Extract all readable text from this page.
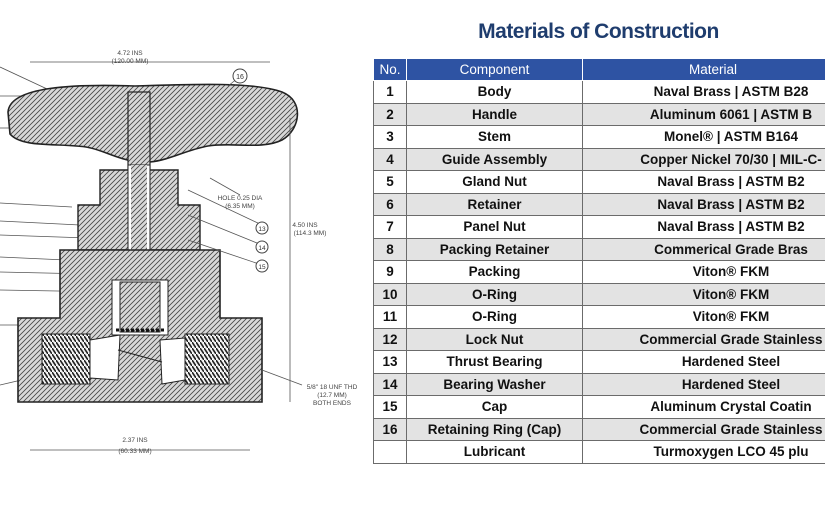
16
13
14
15
4.72 INS
(120.00 MM)
HOLE 0.25 DIA
(6.35 MM)
4.50 INS
(114.3 MM)
2.37 INS
(60.33 MM)
5/8" 18 UNF THD
(12.7 MM)
BOTH ENDS
Materials of Construction
No.	Component	Material
1	Body	Naval Brass | ASTM B28
2	Handle	Aluminum 6061 | ASTM B
3	Stem	Monel® | ASTM B164
4	Guide Assembly	Copper Nickel 70/30 | MIL-C-
5	Gland Nut	Naval Brass | ASTM B2
6	Retainer	Naval Brass | ASTM B2
7	Panel Nut	Naval Brass | ASTM B2
8	Packing Retainer	Commerical Grade Bras
9	Packing	Viton® FKM
10	O-Ring	Viton® FKM
11	O-Ring	Viton® FKM
12	Lock Nut	Commercial Grade Stainless
13	Thrust Bearing	Hardened Steel
14	Bearing Washer	Hardened Steel
15	Cap	Aluminum Crystal Coatin
16	Retaining Ring (Cap)	Commercial Grade Stainless
	Lubricant	Turmoxygen LCO 45 plu
